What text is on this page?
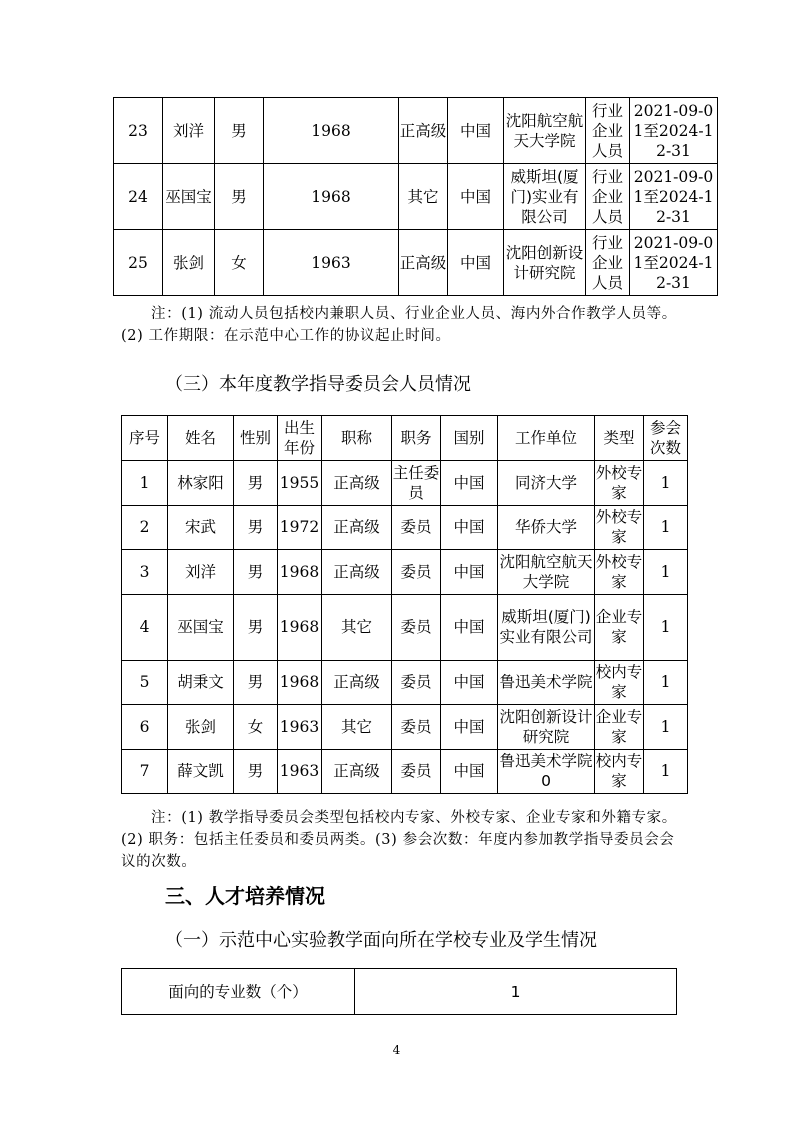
23	刘洋	男	1968	正高级	中国	沈阳航空航天大学院	行业企业人员	2021-09-01至2024-12-31
24	巫国宝	男	1968	其它	中国	威斯坦(厦门)实业有限公司	行业企业人员	2021-09-01至2024-12-31
25	张剑	女	1963	正高级	中国	沈阳创新设计研究院	行业企业人员	2021-09-01至2024-12-31
注：(1) 流动人员包括校内兼职人员、行业企业人员、海内外合作教学人员等。(2) 工作期限：在示范中心工作的协议起止时间。
（三）本年度教学指导委员会人员情况
序号	姓名	性别	出生年份	职称	职务	国别	工作单位	类型	参会次数
1	林家阳	男	1955	正高级	主任委员	中国	同济大学	外校专家	1
2	宋武	男	1972	正高级	委员	中国	华侨大学	外校专家	1
3	刘洋	男	1968	正高级	委员	中国	沈阳航空航天大学院	外校专家	1
4	巫国宝	男	1968	其它	委员	中国	威斯坦(厦门)实业有限公司	企业专家	1
5	胡秉文	男	1968	正高级	委员	中国	鲁迅美术学院	校内专家	1
6	张剑	女	1963	其它	委员	中国	沈阳创新设计研究院	企业专家	1
7	薛文凯	男	1963	正高级	委员	中国	鲁迅美术学院0	校内专家	1
注：(1) 教学指导委员会类型包括校内专家、外校专家、企业专家和外籍专家。(2) 职务：包括主任委员和委员两类。(3) 参会次数：年度内参加教学指导委员会会议的次数。
三、人才培养情况
（一）示范中心实验教学面向所在学校专业及学生情况
面向的专业数（个）	1
4
